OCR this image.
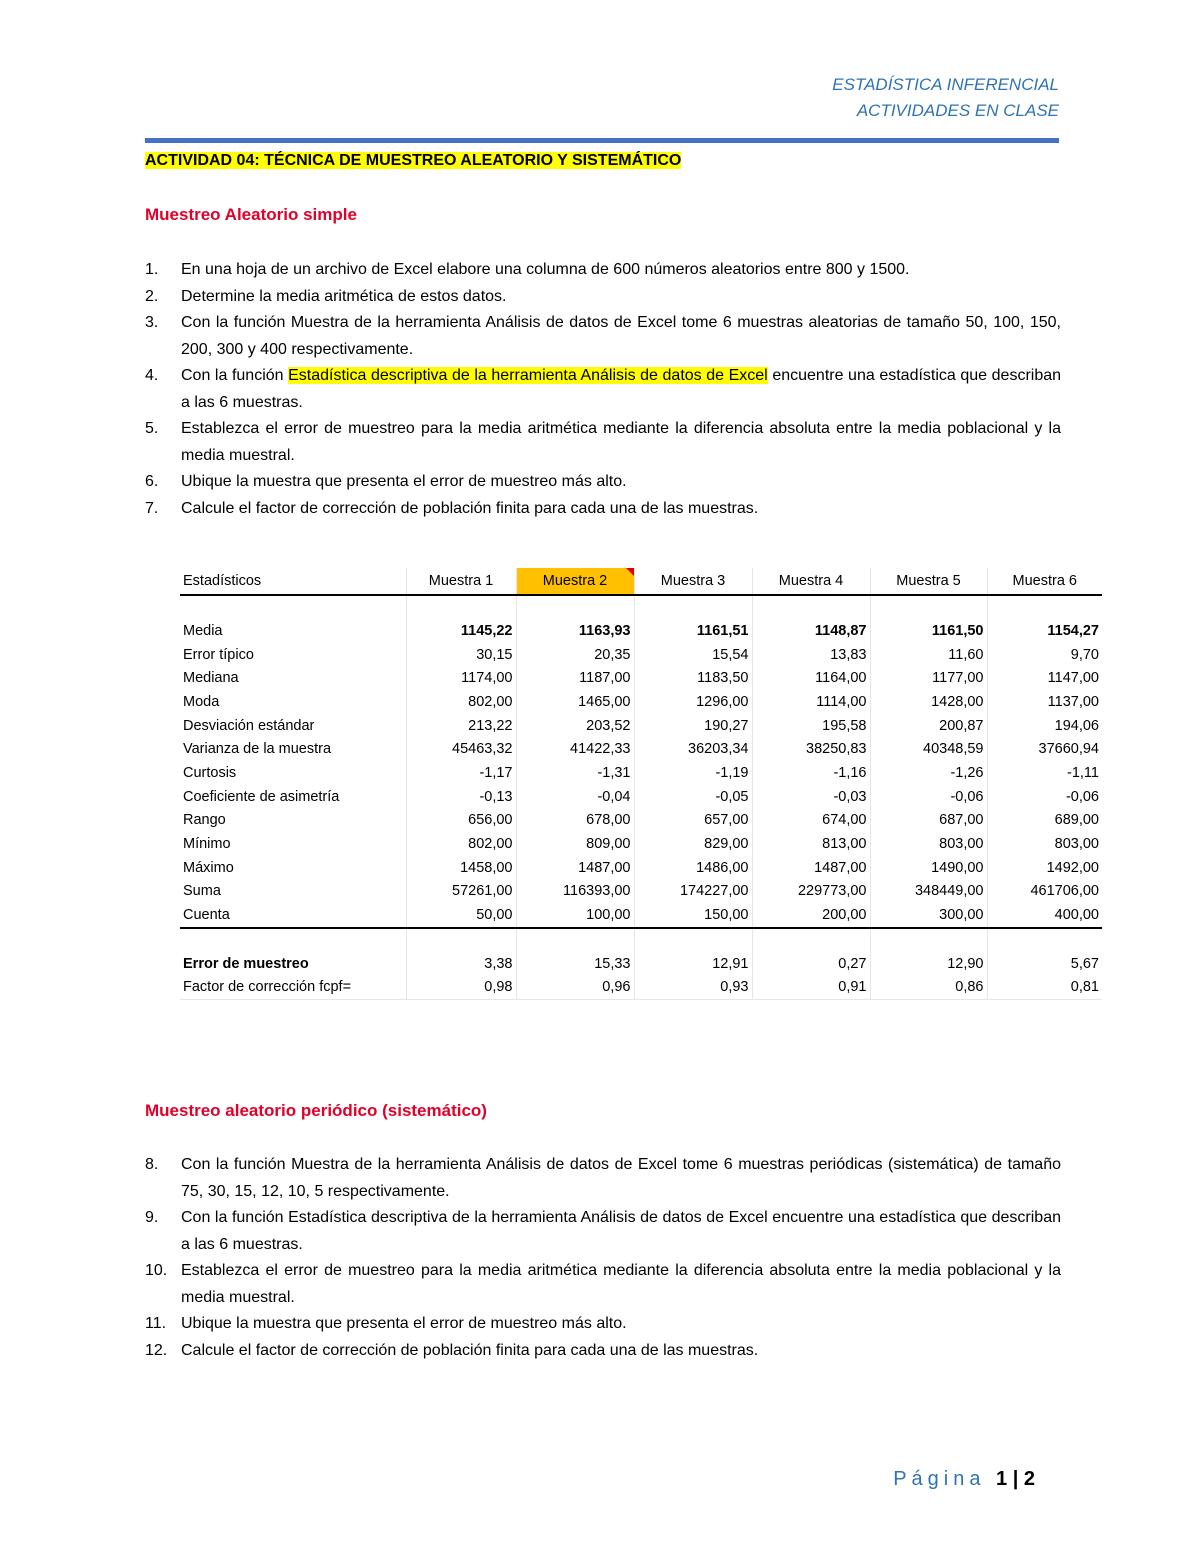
ESTADÍSTICA INFERENCIAL
ACTIVIDADES EN CLASE
ACTIVIDAD 04: TÉCNICA DE MUESTREO ALEATORIO Y SISTEMÁTICO
Muestreo Aleatorio simple
1. En una hoja de un archivo de Excel elabore una columna de 600 números aleatorios entre 800 y 1500.
2. Determine la media aritmética de estos datos.
3. Con la función Muestra de la herramienta Análisis de datos de Excel tome 6 muestras aleatorias de tamaño 50, 100, 150, 200, 300 y 400 respectivamente.
4. Con la función Estadística descriptiva de la herramienta Análisis de datos de Excel encuentre una estadística que describan a las 6 muestras.
5. Establezca el error de muestreo para la media aritmética mediante la diferencia absoluta entre la media poblacional y la media muestral.
6. Ubique la muestra que presenta el error de muestreo más alto.
7. Calcule el factor de corrección de población finita para cada una de las muestras.
Estadísticos	Muestra 1	Muestra 2	Muestra 3	Muestra 4	Muestra 5	Muestra 6

Media	1145,22	1163,93	1161,51	1148,87	1161,50	1154,27
Error típico	30,15	20,35	15,54	13,83	11,60	9,70
Mediana	1174,00	1187,00	1183,50	1164,00	1177,00	1147,00
Moda	802,00	1465,00	1296,00	1114,00	1428,00	1137,00
Desviación estándar	213,22	203,52	190,27	195,58	200,87	194,06
Varianza de la muestra	45463,32	41422,33	36203,34	38250,83	40348,59	37660,94
Curtosis	-1,17	-1,31	-1,19	-1,16	-1,26	-1,11
Coeficiente de asimetría	-0,13	-0,04	-0,05	-0,03	-0,06	-0,06
Rango	656,00	678,00	657,00	674,00	687,00	689,00
Mínimo	802,00	809,00	829,00	813,00	803,00	803,00
Máximo	1458,00	1487,00	1486,00	1487,00	1490,00	1492,00
Suma	57261,00	116393,00	174227,00	229773,00	348449,00	461706,00
Cuenta	50,00	100,00	150,00	200,00	300,00	400,00

Error de muestreo	3,38	15,33	12,91	0,27	12,90	5,67
Factor de corrección fcpf=	0,98	0,96	0,93	0,91	0,86	0,81
Muestreo aleatorio periódico (sistemático)
8. Con la función Muestra de la herramienta Análisis de datos de Excel tome 6 muestras periódicas (sistemática) de tamaño 75, 30, 15, 12, 10, 5 respectivamente.
9. Con la función Estadística descriptiva de la herramienta Análisis de datos de Excel encuentre una estadística que describan a las 6 muestras.
10. Establezca el error de muestreo para la media aritmética mediante la diferencia absoluta entre la media poblacional y la media muestral.
11. Ubique la muestra que presenta el error de muestreo más alto.
12. Calcule el factor de corrección de población finita para cada una de las muestras.
Página 1 | 2
